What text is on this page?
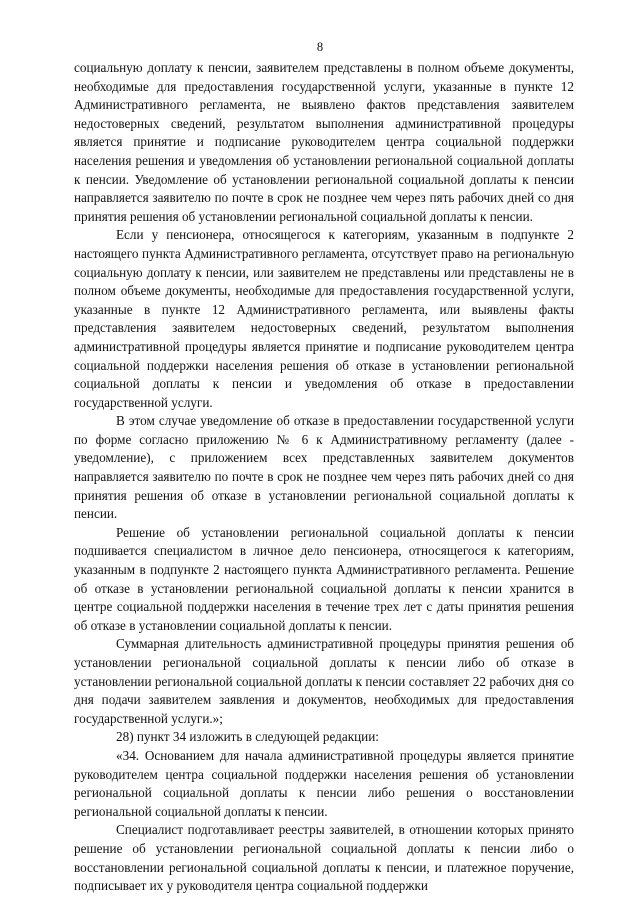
8

социальную доплату к пенсии, заявителем представлены в полном объеме документы, необходимые для предоставления государственной услуги, указанные в пункте 12 Административного регламента, не выявлено фактов представления заявителем недостоверных сведений, результатом выполнения административной процедуры является принятие и подписание руководителем центра социальной поддержки населения решения и уведомления об установлении региональной социальной доплаты к пенсии. Уведомление об установлении региональной социальной доплаты к пенсии направляется заявителю по почте в срок не позднее чем через пять рабочих дней со дня принятия решения об установлении региональной социальной доплаты к пенсии.

Если у пенсионера, относящегося к категориям, указанным в подпункте 2 настоящего пункта Административного регламента, отсутствует право на региональную социальную доплату к пенсии, или заявителем не представлены или представлены не в полном объеме документы, необходимые для предоставления государственной услуги, указанные в пункте 12 Административного регламента, или выявлены факты представления заявителем недостоверных сведений, результатом выполнения административной процедуры является принятие и подписание руководителем центра социальной поддержки населения решения об отказе в установлении региональной социальной доплаты к пенсии и уведомления об отказе в предоставлении государственной услуги.

В этом случае уведомление об отказе в предоставлении государственной услуги по форме согласно приложению № 6 к Административному регламенту (далее - уведомление), с приложением всех представленных заявителем документов направляется заявителю по почте в срок не позднее чем через пять рабочих дней со дня принятия решения об отказе в установлении региональной социальной доплаты к пенсии.

Решение об установлении региональной социальной доплаты к пенсии подшивается специалистом в личное дело пенсионера, относящегося к категориям, указанным в подпункте 2 настоящего пункта Административного регламента. Решение об отказе в установлении региональной социальной доплаты к пенсии хранится в центре социальной поддержки населения в течение трех лет с даты принятия решения об отказе в установлении социальной доплаты к пенсии.

Суммарная длительность административной процедуры принятия решения об установлении региональной социальной доплаты к пенсии либо об отказе в установлении региональной социальной доплаты к пенсии составляет 22 рабочих дня со дня подачи заявителем заявления и документов, необходимых для предоставления государственной услуги.»;

28) пункт 34 изложить в следующей редакции:

«34. Основанием для начала административной процедуры является принятие руководителем центра социальной поддержки населения решения об установлении региональной социальной доплаты к пенсии либо решения о восстановлении региональной социальной доплаты к пенсии.

Специалист подготавливает реестры заявителей, в отношении которых принято решение об установлении региональной социальной доплаты к пенсии либо о восстановлении региональной социальной доплаты к пенсии, и платежное поручение, подписывает их у руководителя центра социальной поддержки
